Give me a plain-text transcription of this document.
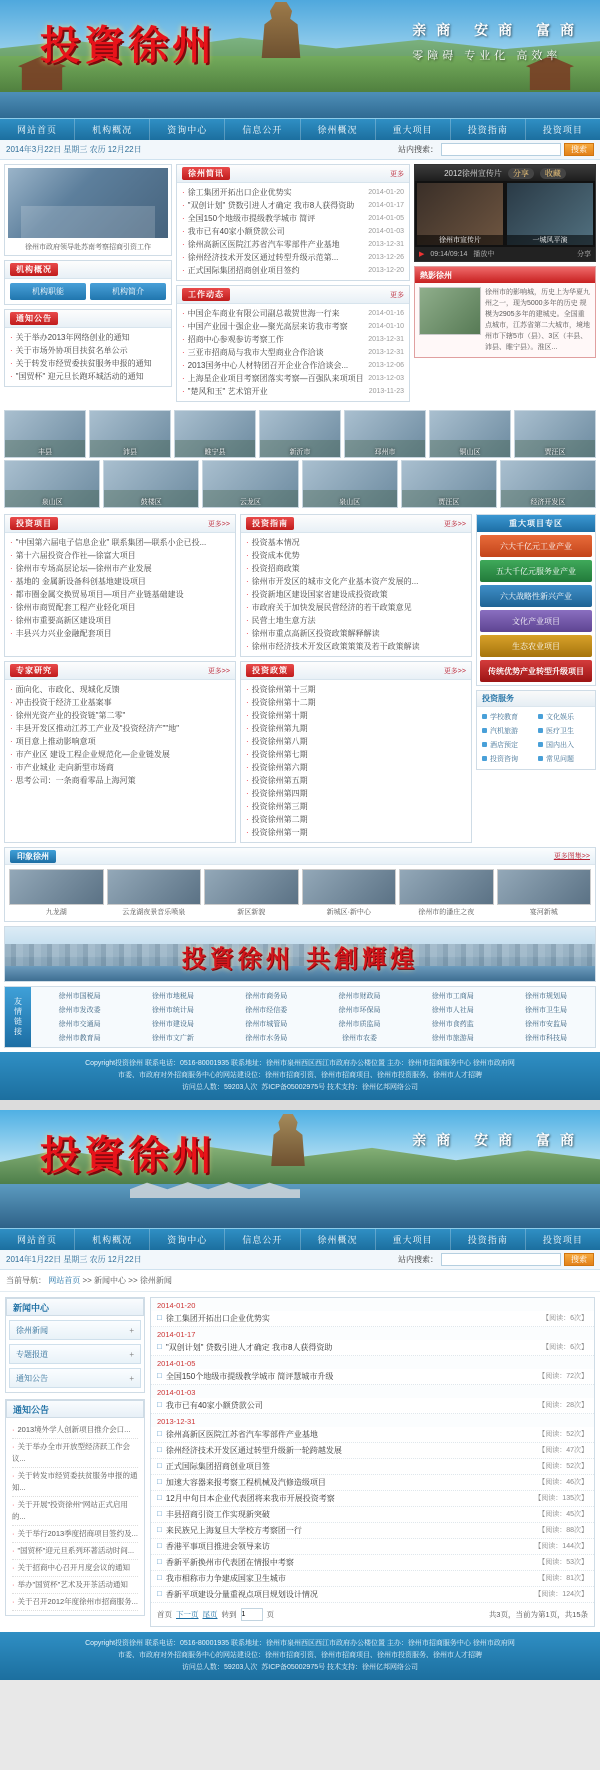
投資徐州	亲商 安商 富商
零障碍 专业化 高效率
网站首页	机构概况	资询中心	信息公开	徐州概况	重大项目	投资指南	投资项目
2014年3月22日 星期三 农历 12月22日	站内搜索：	搜索
徐州市政府领导赴苏南考察招商引资工作
机构概况
机构职能	机构简介
通知公告
· 关于举办2013年网络创业的通知
· 关于市场外协项目扶贫名单公示
· 关于转发市经贸委扶贫服务申报的通知
· "国贸杯" 迎元旦长跑环城活动的通知
徐州简讯	更多
· 徐工集团开拓出口企业优势实	2014-01-20
· "双创计划" 贷数引进人才确定 我市8人获得资助	2014-01-17
· 全国150个地级市提级教学城市 简评	2014-01-05
· 我市已有40家小额贷款公司	2014-01-03
· 徐州高新区医院江苏省汽车零部件产业基地	2013-12-31
· 徐州经济技术开发区通过转型升级示范第...	2013-12-26
· 正式国际集团招商创业项目签约	2013-12-20
工作动态	更多
· 中国企车商业有限公司副总裁贺世海一行来	2014-01-16
· 中国产业园十强企业—聚光高层来访我市考察	2014-01-10
· 招商中心参观参访考察工作	2013-12-31
· 三亚市招商局与我市大型商业合作洽谈	2013-12-31
· 2013国务中心人材特团召开企业合作洽谈会...	2013-12-06
· 上海星企业项目考察团落实考察—百强队来项项目 2013-12-03
· "楚风和玉" 艺术馆开业	2013-11-23
2012徐州宣传片	分享	收藏
徐州市宣传片	一城风平演
▶ 09:14/09:14 播放中	分享
熱影徐州
徐州市的影响城，历史上为华夏九州之一，现为5000多年的历史 规模为2905多年的建城史。全国重点城市，江苏省第二大城市，境地州市下辖5市（县）、3区（丰县、沛县、睢宁县）。淮区...
丰县	沛县	睢宁县	新沂市	邳州市	铜山区	贾汪区
泉山区	鼓楼区	云龙区	泉山区	贾汪区	经济开发区
投资项目	更多>>
· "中国第六届电子信息企业" 联系集团—联系小企已投...
· 第十六届投资合作社—徐富大项目
· 徐州市专场高层论坛—徐州市产业发展
· 基地的 金属新设备科创基地建设项目
· 都市圈金属交换贸易项目—项目产业链基础建设
· 徐州市商贸配套工程产业轻化项目
· 徐州市重要高新区建设项目
· 丰县兴力兴业金融配套项目
投资指南	更多>>
· 投资基本情况
· 投资成本优势
· 投资招商政策
· 徐州市开发区的城市文化产业基本资产发展的...
· 投资新地区建设国家省建设成投资政策
· 市政府关于加快发展民营经济的若干政策意见
· 民营土地生意方法
· 徐州市重点高新区投资政策解释解读
· 徐州市经济技术开发区政策策策及若干政策解读
专家研究	更多>>
· 面向化、市政化、现城化反馈
· 冲击投资于经济工业基案事
· 徐州光资产业的投资链"第二零"
· 丰县开发区推动江苏工产业及"投资经济产""地"
· 项目意上推动影响意项
· 市产业区 建设工程企业规范化—企业链发展
· 市产业城业 走向新型市场商
· 思考公司：一条商看零品上海河策
投资政策	更多>>
· 投资徐州第十三期
· 投资徐州第十二期
· 投资徐州第十期
· 投资徐州第九期
· 投资徐州第八期
· 投资徐州第七期
· 投资徐州第六期
· 投资徐州第五期
· 投资徐州第四期
· 投资徐州第三期
· 投资徐州第二期
· 投资徐州第一期
重大项目专区
六大千亿元工业产业
五大千亿元服务业产业
六大战略性新兴产业
文化产业项目
生态农业项目
传统优势产业转型升级项目
投资服务
学校教育	文化娱乐
汽机旅游	医疗卫生
酒店预定	国内出入
投资咨询	常见问题
印象徐州	更多图集>>
九龙湖	云龙湖夜景音乐喷泉	新区新貌	新城区·新中心	徐州市的潘庄之夜	宴河新城
投資徐州 共創輝煌
友情链接
徐州市国税局	徐州市地税局	徐州市商务局	徐州市财政局	徐州市工商局	徐州市规划局
徐州市发改委	徐州市统计局	徐州市经信委	徐州市环保局	徐州市人社局	徐州市卫生局
徐州市交通局	徐州市建设局	徐州市城管局	徐州市质监局	徐州市食药监	徐州市安监局
徐州市教育局	徐州市文广新	徐州市水务局	徐州市农委	徐州市旅游局	徐州市科技局
Copyright投资徐州 联系电话：0516-80001935 联系地址：徐州市泉州西区西江市政府办公楼位置 主办：徐州市招商服务中心 徐州市政府网
市委、市政府对外招商服务中心的网站建设位：徐州市招商引资、徐州市招商项目、徐州市投资服务、徐州市人才招聘
访问总人数：59203人次 苏ICP备05002975号 技术支持：徐州亿邦网络公司
投資徐州	亲商 安商 富商
网站首页	机构概况	资询中心	信息公开	徐州概况	重大项目	投资指南	投资项目
2014年1月22日 星期三 农历 12月22日	站内搜索：	搜索
当前导航： 网站首页 >> 新闻中心 >> 徐州新闻
新闻中心
徐州新闻	+
专题报道	+
通知公告	+
通知公告
· 2013境外学人创新项目推介会口...
· 关于举办全市开放型经济跃工作会议...
· 关于转发市经贸委扶贫服务申报的通知...
· 关于开展"投资徐州"网站正式启用的...
· 关于举行2013季度招商项目签约及...
· "国贸杯"迎元旦系列环著活动时间...
· 关于招商中心召开月度会议的通知
· 举办"国贸杯"艺术及开茶活动通知
· 关于召开2012年度徐州市招商服务...
2014-01-20
□ 徐工集团开拓出口企业优势实	【阅读：6次】
2014-01-17
□ "双创计划" 贷数引进人才确定 我市8人获得资助	【阅读：6次】
2014-01-05
□ 全国150个地级市提级教学城市 简评慧城市升级	【阅读：72次】
2014-01-03
□ 我市已有40家小额贷款公司	【阅读：28次】
2013-12-31
□ 徐州高新区医院江苏省汽车零部件产业基地	【阅读：52次】
□ 徐州经济技术开发区通过转型升级新一轮跨越发展	【阅读：47次】
□ 正式国际集团招商创业项目签	【阅读：52次】
□ 加速大容器来报考察工程机械及汽修造级项目	【阅读：46次】
□ 12月中旬日本企业代表团将来我市开展投资考察	【阅读：135次】
□ 丰县招商引资工作实现新突破	【阅读：45次】
□ 来民族兄上海复旦大学校方考察团一行	【阅读：88次】
□ 香港平事项目推进会领导来访	【阅读：144次】
□ 香新平新换州市代表团在情报中考察	【阅读：53次】
□ 我市相称市力争建成国家卫生城市	【阅读：81次】
□ 香新平项建设分量重视点项目规划设计情况	【阅读：124次】
首页 下一页 尾页 转到
1	页	共3页，当前为第1页，共15条
Copyright投资徐州 联系电话：0516-80001935 联系地址：徐州市泉州西区西江市政府办公楼位置 主办：徐州市招商服务中心 徐州市政府网
市委、市政府对外招商服务中心的网站建设位：徐州市招商引资、徐州市招商项目、徐州市投资服务、徐州市人才招聘
访问总人数：59203人次 苏ICP备05002975号 技术支持：徐州亿邦网络公司
